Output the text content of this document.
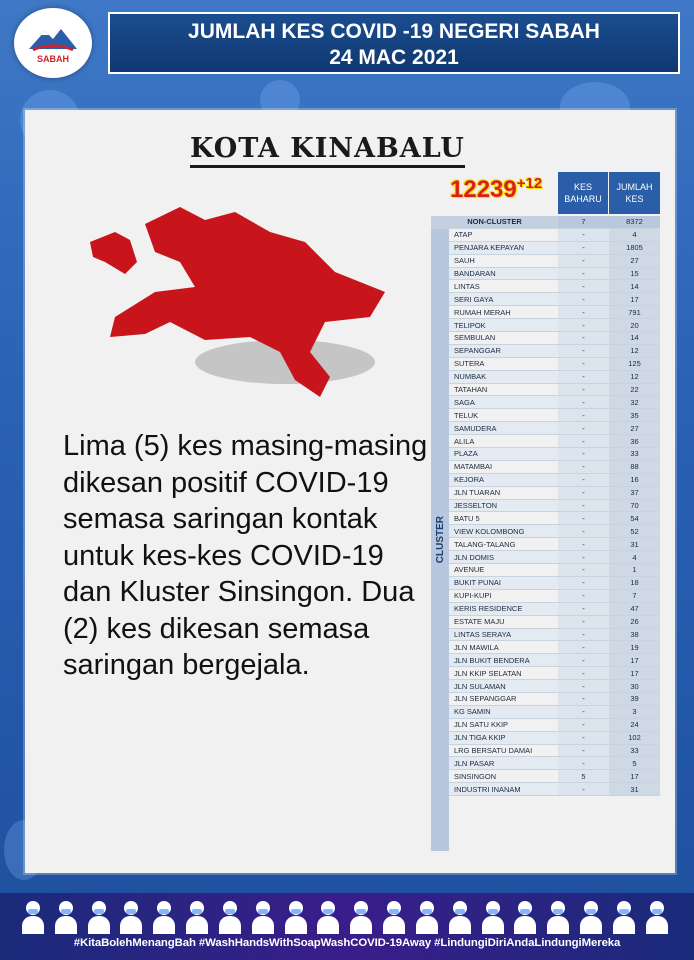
SABAH
JUMLAH KES COVID -19 NEGERI SABAH
24 MAC 2021
KOTA KINABALU
Lima (5) kes masing-masing dikesan positif COVID-19 semasa saringan kontak untuk kes-kes COVID-19 dan Kluster Sinsingon. Dua (2) kes dikesan semasa saringan bergejala.
$12239^{+12}$	KES BAHARU
JUMLAH KES
NON-CLUSTER	7	8372
ATAP	-	4
PENJARA KEPAYAN	-	1805
SAUH	-	27
BANDARAN	-	15
LINTAS	-	14
SERI GAYA	-	17
RUMAH MERAH	-	791
TELIPOK	-	20
SEMBULAN	-	14
SEPANGGAR	-	12
SUTERA	-	125
NUMBAK	-	12
TATAHAN	-	22
SAGA	-	32
TELUK	-	35
SAMUDERA	-	27
ALILA	-	36
PLAZA	-	33
MATAMBAI	-	88
KEJORA	-	16
JLN TUARAN	-	37
JESSELTON	-	70
BATU 5	-	54
VIEW KOLOMBONG	-	52
TALANG-TALANG	-	31
JLN DOMIS	-	4
AVENUE	-	1
BUKIT PUNAI	-	18
KUPI-KUPI	-	7
KERIS RESIDENCE	-	47
ESTATE MAJU	-	26
LINTAS SERAYA	-	38
JLN MAWILA	-	19
JLN BUKIT BENDERA	-	17
JLN KKIP SELATAN	-	17
JLN SULAMAN	-	30
JLN SEPANGGAR	-	39
KG SAMIN	-	3
JLN SATU KKIP	-	24
JLN TIGA KKIP	-	102
LRG BERSATU DAMAI	-	33
JLN PASAR	-	5
SINSINGON	5	17
INDUSTRI INANAM	-	31
CLUSTER
#KitaBolehMenangBah #WashHandsWithSoapWashCOVID-19Away #LindungiDiriAndaLindungiMereka
